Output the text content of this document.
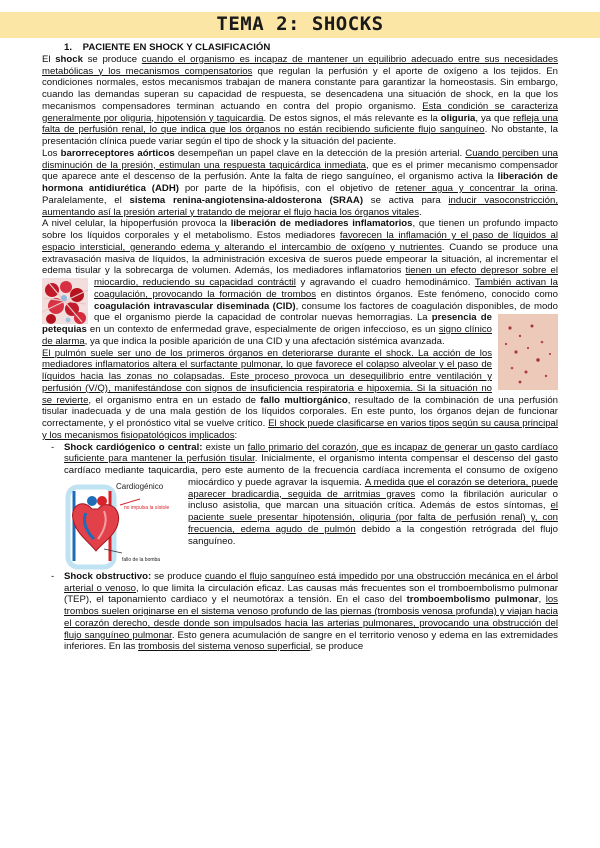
TEMA 2: SHOCKS

1.    PACIENTE EN SHOCK Y CLASIFICACIÓN

El shock se produce cuando el organismo es incapaz de mantener un equilibrio adecuado entre sus necesidades metabólicas y los mecanismos compensatorios que regulan la perfusión y el aporte de oxígeno a los tejidos. En condiciones normales, estos mecanismos trabajan de manera constante para garantizar la homeostasis. Sin embargo, cuando las demandas superan su capacidad de respuesta, se desencadena una situación de shock, en la que los mecanismos compensadores terminan actuando en contra del propio organismo. Esta condición se caracteriza generalmente por oliguria, hipotensión y taquicardia. De estos signos, el más relevante es la oliguria, ya que refleja una falta de perfusión renal, lo que indica que los órganos no están recibiendo suficiente flujo sanguíneo. No obstante, la presentación clínica puede variar según el tipo de shock y la situación del paciente.

Los barorreceptores aórticos desempeñan un papel clave en la detección de la presión arterial. Cuando perciben una disminución de la presión, estimulan una respuesta taquicárdica inmediata, que es el primer mecanismo compensador que aparece ante el descenso de la perfusión. Ante la falta de riego sanguíneo, el organismo activa la liberación de hormona antidiurética (ADH) por parte de la hipófisis, con el objetivo de retener agua y concentrar la orina. Paralelamente, el sistema renina-angiotensina-aldosterona (SRAA) se activa para inducir vasoconstricción, aumentando así la presión arterial y tratando de mejorar el flujo hacia los órganos vitales.

A nivel celular, la hipoperfusión provoca la liberación de mediadores inflamatorios, que tienen un profundo impacto sobre los líquidos corporales y el metabolismo. Estos mediadores favorecen la inflamación y el paso de líquidos al espacio intersticial, generando edema y alterando el intercambio de oxígeno y nutrientes. Cuando se produce una extravasación masiva de líquidos, la administración excesiva de sueros puede empeorar la situación, al incrementar el edema tisular y la sobrecarga de volumen. Además, los mediadores inflamatorios tienen un efecto depresor sobre el miocardio, reduciendo su capacidad contráctil y agravando el cuadro hemodinámico.
También activan la coagulación, provocando la formación de trombos en distintos órganos. Este fenómeno, conocido como coagulación intravascular diseminada (CID), consume los factores de coagulación disponibles, de modo que el organismo pierde la capacidad de controlar nuevas hemorragias. La
presencia de petequias en un contexto de enfermedad grave, especialmente de origen infeccioso, es un signo clínico de alarma, ya que indica la posible aparición de una CID y una afectación sistémica avanzada.

El pulmón suele ser uno de los primeros órganos en deteriorarse durante el shock. La acción de los mediadores inflamatorios altera el surfactante pulmonar, lo que favorece el colapso alveolar y el paso de líquidos hacia las zonas no colapsadas. Este proceso provoca un desequilibrio entre ventilación y perfusión (V/Q), manifestándose con signos de insuficiencia respiratoria e hipoxemia. Si la situación no se revierte, el organismo entra en un estado de fallo multiorgánico, resultado de la combinación de una perfusión tisular inadecuada y de una mala gestión de los líquidos corporales. En este punto, los órganos dejan de funcionar correctamente, y el pronóstico vital se vuelve crítico. El shock puede clasificarse en varios tipos según su causa principal y los mecanismos fisiopatológicos implicados:

- Shock cardiógenico o central: existe un fallo primario del corazón, que es incapaz de generar un gasto cardíaco suficiente para mantener la perfusión tisular. Inicialmente, el organismo intenta compensar el descenso del gasto cardíaco mediante taquicardia, pero este aumento de la frecuencia cardíaca incrementa el consumo de oxígeno miocárdico y puede agravar la isquemia.
Cardiogénico
no impulsa la sístole
fallo de la bomba
A medida que el corazón se deteriora, puede aparecer bradicardia, seguida de arritmias graves como la fibrilación auricular o incluso asistolia, que marcan una situación crítica. Además de estos síntomas, el paciente suele presentar hipotensión, oliguria (por falta de perfusión renal) y, con frecuencia, edema agudo de pulmón debido a la congestión retrógrada del flujo sanguíneo.
- Shock obstructivo: se produce cuando el flujo sanguíneo está impedido por una obstrucción mecánica en el árbol arterial o venoso, lo que limita la circulación eficaz. Las causas más frecuentes son el tromboembolismo pulmonar (TEP), el taponamiento cardiaco y el neumotórax a tensión. En el caso del tromboembolismo pulmonar, los trombos suelen originarse en el sistema venoso profundo de las piernas (trombosis venosa profunda) y viajan hacia el corazón derecho, desde donde son impulsados hacia las arterias pulmonares, provocando una obstrucción del flujo sanguíneo pulmonar. Esto genera acumulación de sangre en el territorio venoso y edema en las extremidades inferiores. En las trombosis del sistema venoso superficial, se produce
